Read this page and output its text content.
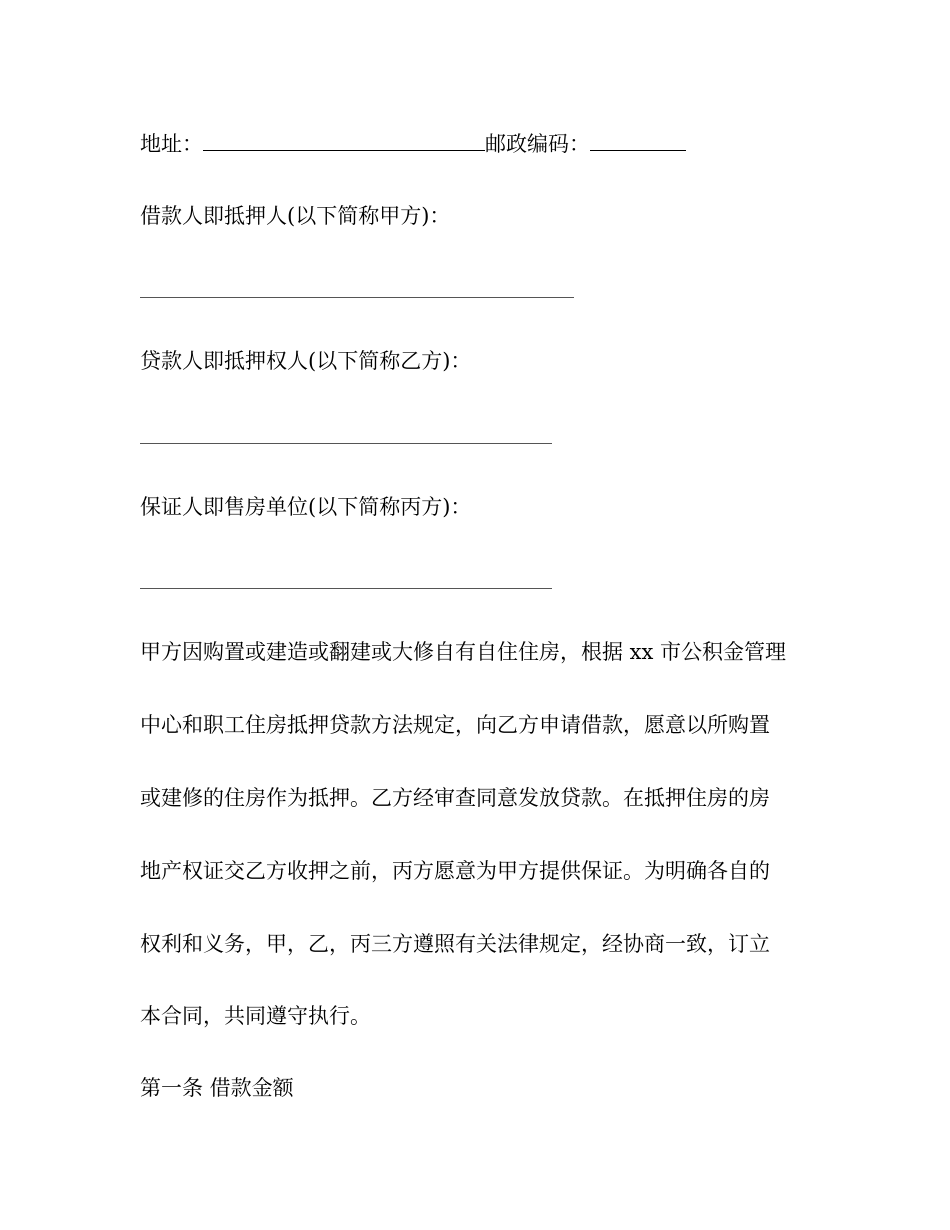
地址：	邮政编码：
借款人即抵押人(以下简称甲方)：
贷款人即抵押权人(以下简称乙方)：
保证人即售房单位(以下简称丙方)：
甲方因购置或建造或翻建或大修自有自住住房，根据 xx 市公积金管理
中心和职工住房抵押贷款方法规定，向乙方申请借款，愿意以所购置
或建修的住房作为抵押。乙方经审查同意发放贷款。在抵押住房的房
地产权证交乙方收押之前，丙方愿意为甲方提供保证。为明确各自的
权利和义务，甲，乙，丙三方遵照有关法律规定，经协商一致，订立
本合同，共同遵守执行。
第一条 借款金额
